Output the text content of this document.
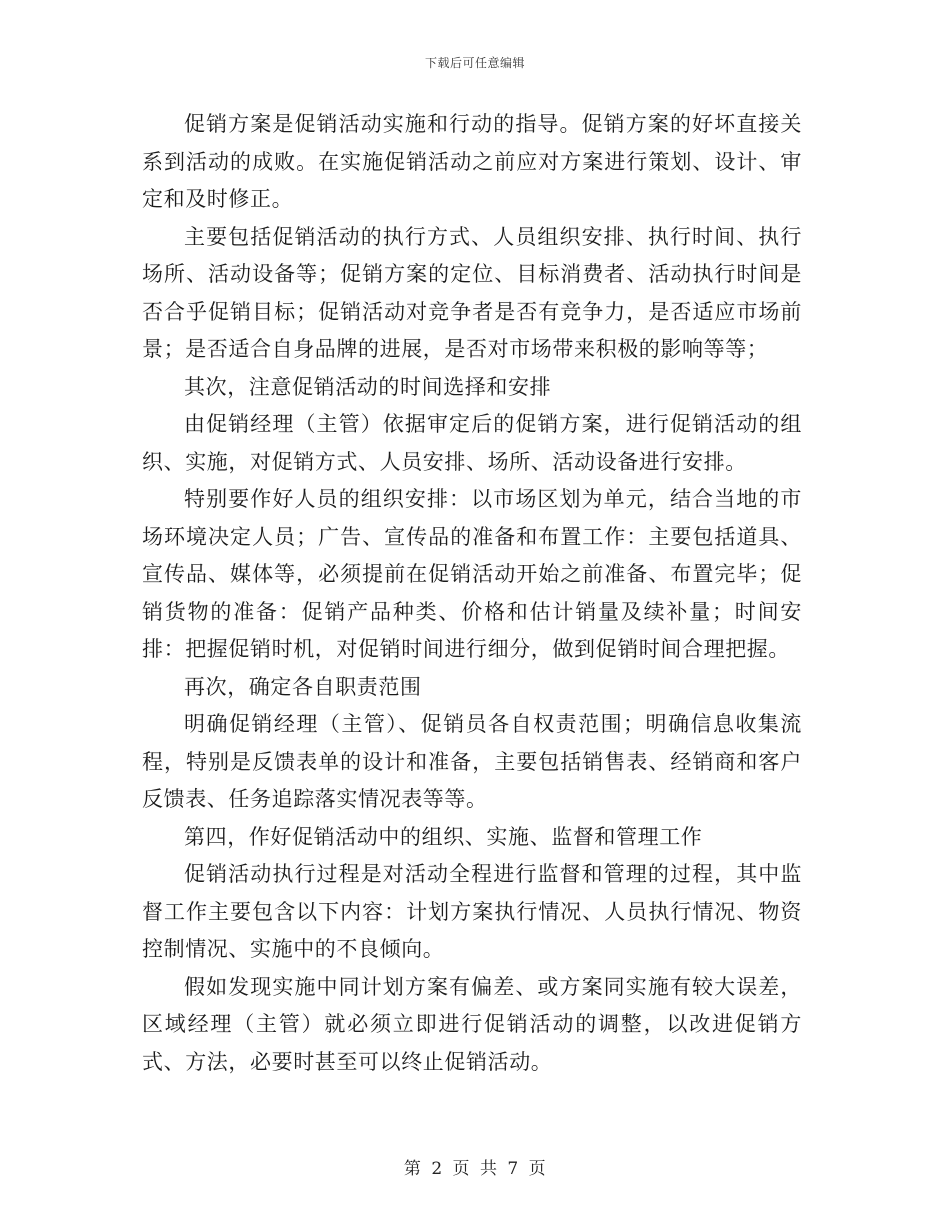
下载后可任意编辑

促销方案是促销活动实施和行动的指导。促销方案的好坏直接关系到活动的成败。在实施促销活动之前应对方案进行策划、设计、审定和及时修正。

主要包括促销活动的执行方式、人员组织安排、执行时间、执行场所、活动设备等；促销方案的定位、目标消费者、活动执行时间是否合乎促销目标；促销活动对竞争者是否有竞争力，是否适应市场前景；是否适合自身品牌的进展，是否对市场带来积极的影响等等；

其次，注意促销活动的时间选择和安排

由促销经理（主管）依据审定后的促销方案，进行促销活动的组织、实施，对促销方式、人员安排、场所、活动设备进行安排。

特别要作好人员的组织安排：以市场区划为单元，结合当地的市场环境决定人员；广告、宣传品的准备和布置工作：主要包括道具、宣传品、媒体等，必须提前在促销活动开始之前准备、布置完毕；促销货物的准备：促销产品种类、价格和估计销量及续补量；时间安排：把握促销时机，对促销时间进行细分，做到促销时间合理把握。

再次，确定各自职责范围

明确促销经理（主管）、促销员各自权责范围；明确信息收集流程，特别是反馈表单的设计和准备，主要包括销售表、经销商和客户反馈表、任务追踪落实情况表等等。

第四，作好促销活动中的组织、实施、监督和管理工作

促销活动执行过程是对活动全程进行监督和管理的过程，其中监督工作主要包含以下内容：计划方案执行情况、人员执行情况、物资控制情况、实施中的不良倾向。

假如发现实施中同计划方案有偏差、或方案同实施有较大误差，区域经理（主管）就必须立即进行促销活动的调整，以改进促销方式、方法，必要时甚至可以终止促销活动。

第 2 页 共 7 页
